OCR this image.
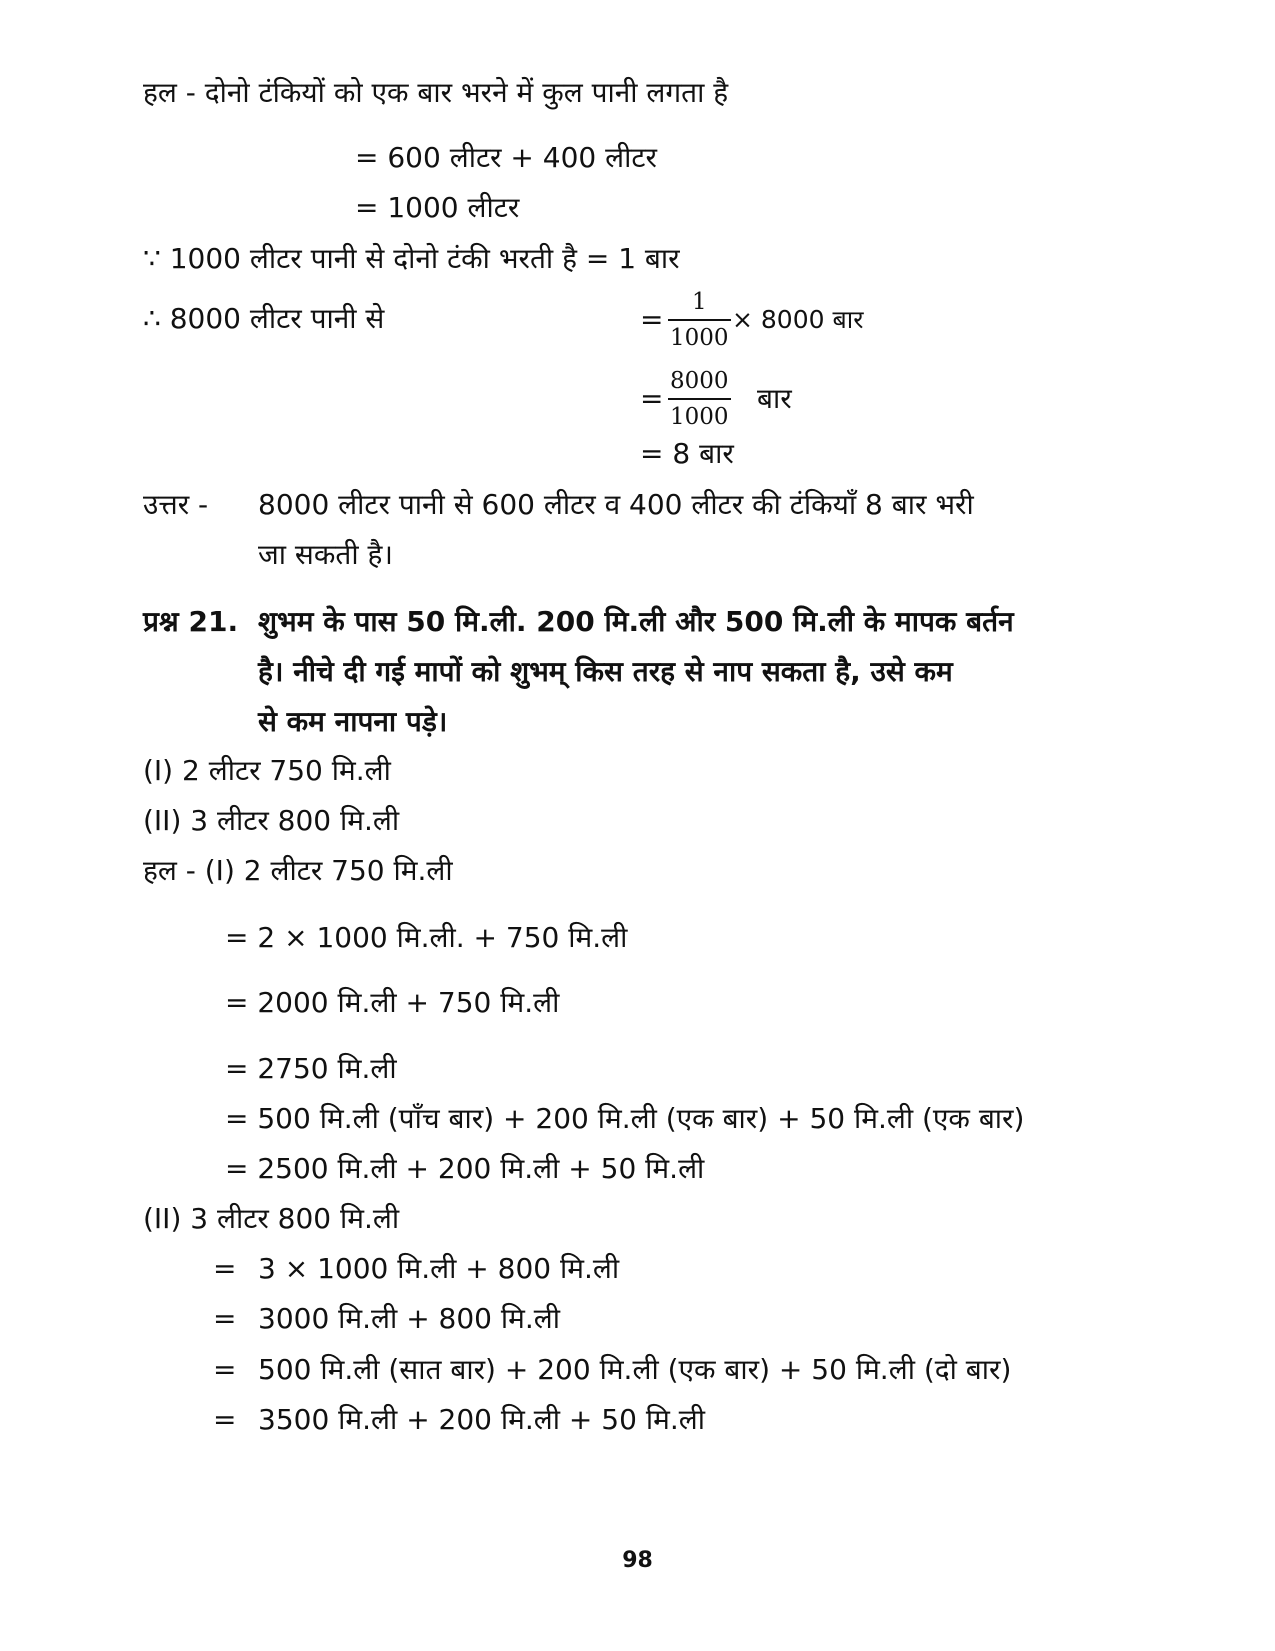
हल - दोनो टंकियों को एक बार भरने में कुल पानी लगता है
= 600 लीटर + 400 लीटर
= 1000 लीटर
∵ 1000 लीटर पानी से दोनो टंकी भरती है = 1 बार
∴ 8000 लीटर पानी से	=
1
1000
× 8000 बार
=
8000
1000
बार
= 8 बार
उत्तर - 8000 लीटर पानी से 600 लीटर व 400 लीटर की टंकियाँ 8 बार भरी
जा सकती है।
प्रश्न 21. शुभम के पास 50 मि.ली. 200 मि.ली और 500 मि.ली के मापक बर्तन
है। नीचे दी गई मापों को शुभम् किस तरह से नाप सकता है, उसे कम
से कम नापना पड़े।
(I) 2 लीटर 750 मि.ली
(II) 3 लीटर 800 मि.ली
हल - (I) 2 लीटर 750 मि.ली
= 2 × 1000 मि.ली. + 750 मि.ली
= 2000 मि.ली + 750 मि.ली
= 2750 मि.ली
= 500 मि.ली (पाँच बार) + 200 मि.ली (एक बार) + 50 मि.ली (एक बार)
= 2500 मि.ली + 200 मि.ली + 50 मि.ली
(II) 3 लीटर 800 मि.ली
= 3 × 1000 मि.ली + 800 मि.ली
= 3000 मि.ली + 800 मि.ली
= 500 मि.ली (सात बार) + 200 मि.ली (एक बार) + 50 मि.ली (दो बार)
= 3500 मि.ली + 200 मि.ली + 50 मि.ली
98
